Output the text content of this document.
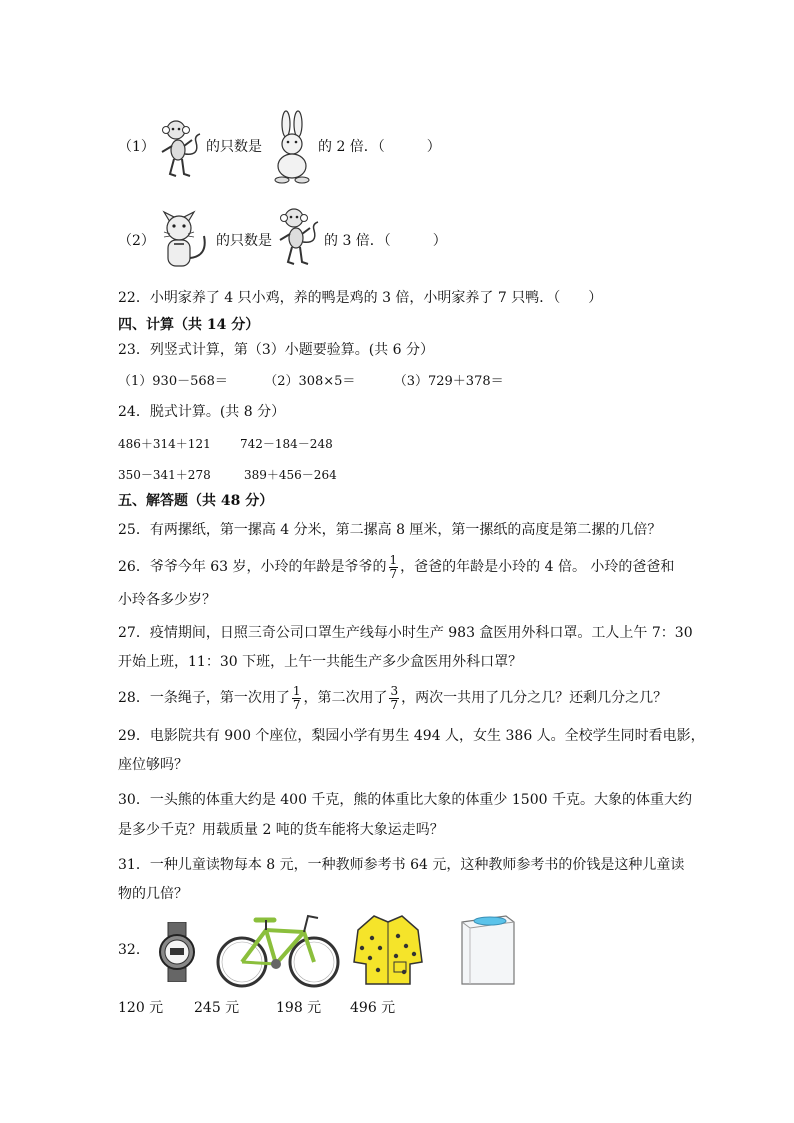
（1）	的只数是	的 2 倍．（　　　）
（2）	的只数是	的 3 倍．（　　　）
22．小明家养了 4 只小鸡，养的鸭是鸡的 3 倍，小明家养了 7 只鸭．（　　）
四、计算（共 14 分）
23．列竖式计算，第（3）小题要验算。(共 6 分）
（1）930－568＝	（2）308×5＝	（3）729＋378＝
24．脱式计算。(共 8 分）
486＋314＋121 742－184－248
350－341＋278	389＋456－264
五、解答题（共 48 分）
25．有两摞纸，第一摞高 4 分米，第二摞高 8 厘米，第一摞纸的高度是第二摞的几倍？
26．爷爷今年 63 岁，小玲的年龄是爷爷的 $\frac{1}{7}$ ，爸爸的年龄是小玲的 4 倍。 小玲的爸爸和
小玲各多少岁？
27．疫情期间，日照三奇公司口罩生产线每小时生产 983 盒医用外科口罩。工人上午 7：30
开始上班，11：30 下班，上午一共能生产多少盒医用外科口罩？
28．一条绳子，第一次用了 $\frac{1}{7}$ ，第二次用了 $\frac{3}{7}$ ，两次一共用了几分之几？还剩几分之几？
29．电影院共有 900 个座位，梨园小学有男生 494 人，女生 386 人。全校学生同时看电影，
座位够吗？
30．一头熊的体重大约是 400 千克，熊的体重比大象的体重少 1500 千克。大象的体重大约
是多少千克？用载质量 2 吨的货车能将大象运走吗？
31．一种儿童读物每本 8 元，一种教师参考书 64 元，这种教师参考书的价钱是这种儿童读
物的几倍？
32．
120 元 245 元	198 元 496 元
